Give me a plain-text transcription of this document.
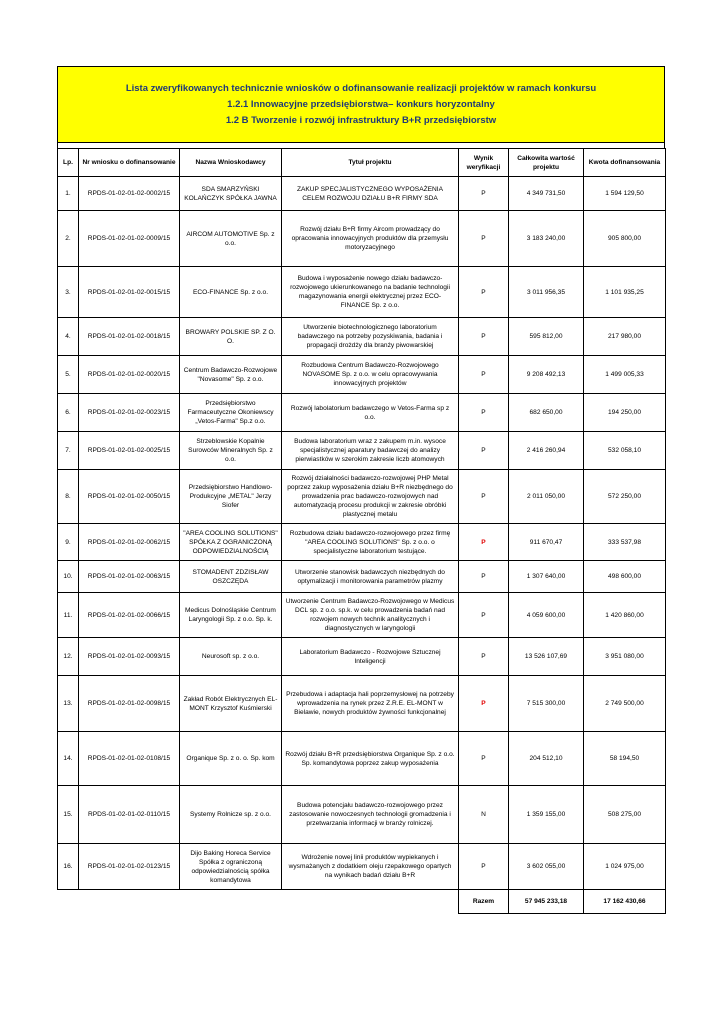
Lista zweryfikowanych technicznie wniosków o dofinansowanie realizacji projektów w ramach konkursu
1.2.1 Innowacyjne przedsiębiorstwa– konkurs horyzontalny
1.2 B Tworzenie i rozwój infrastruktury B+R przedsiębiorstw
Lp.	Nr wniosku o dofinansowanie	Nazwa Wnioskodawcy	Tytuł projektu	Wynik weryfikacji	Całkowita wartość projektu	Kwota dofinansowania
1.	RPDS-01-02-01-02-0002/15	SDA SMARZYŃSKI KOLAŃCZYK SPÓŁKA JAWNA	ZAKUP SPECJALISTYCZNEGO WYPOSAŻENIA CELEM ROZWOJU DZIAŁU B+R FIRMY SDA	P	4 349 731,50	1 594 129,50
2.	RPDS-01-02-01-02-0009/15	AIRCOM AUTOMOTIVE Sp. z o.o.	Rozwój działu B+R firmy Aircom prowadzący do opracowania innowacyjnych produktów dla przemysłu motoryzacyjnego	P	3 183 240,00	905 800,00
3.	RPDS-01-02-01-02-0015/15	ECO-FINANCE Sp. z o.o.	Budowa i wyposażenie nowego działu badawczo-rozwojowego ukierunkowanego na badanie technologii magazynowania energii elektrycznej przez ECO-FINANCE Sp. z o.o.	P	3 011 956,35	1 101 935,25
4.	RPDS-01-02-01-02-0018/15	BROWARY POLSKIE SP. Z O. O.	Utworzenie biotechnologicznego laboratorium badawczego na potrzeby pozyskiwania, badania i propagacji drożdży dla branży piwowarskiej	P	595 812,00	217 980,00
5.	RPDS-01-02-01-02-0020/15	Centrum Badawczo-Rozwojowe "Novasome" Sp. z o.o.	Rozbudowa Centrum Badawczo-Rozwojowego NOVASOME Sp. z o.o. w celu opracowywania innowacyjnych projektów	P	9 208 492,13	1 499 005,33
6.	RPDS-01-02-01-02-0023/15	Przedsiębiorstwo Farmaceutyczne Okoniewscy „Vetos-Farma" Sp.z o.o.	Rozwój labolatorium badawczego w Vetos-Farma sp z o.o.	P	682 650,00	194 250,00
7.	RPDS-01-02-01-02-0025/15	Strzeblowskie Kopalnie Surowców Mineralnych Sp. z o.o.	Budowa laboratorium wraz z zakupem m.in. wysoce specjalistycznej aparatury badawczej do analizy pierwiastków w szerokim zakresie liczb atomowych	P	2 416 260,94	532 058,10
8.	RPDS-01-02-01-02-0050/15	Przedsiębiorstwo Handlowo-Produkcyjne „METAL" Jerzy Siofer	Rozwój działalności badawczo-rozwojowej PHP Metal poprzez zakup wyposażenia działu B+R niezbędnego do prowadzenia prac badawczo-rozwojowych nad automatyzacją procesu produkcji w zakresie obróbki plastycznej metalu	P	2 011 050,00	572 250,00
9.	RPDS-01-02-01-02-0062/15	"AREA COOLING SOLUTIONS" SPÓŁKA Z OGRANICZONĄ ODPOWIEDZIALNOŚCIĄ	Rozbudowa działu badawczo-rozwojowego przez firmę "AREA COOLING SOLUTIONS" Sp. z o.o. o specjalistyczne laboratorium testujące.	P	911 670,47	333 537,98
10.	RPDS-01-02-01-02-0063/15	STOMADENT ZDZISŁAW OSZCZĘDA	Utworzenie stanowisk badawczych niezbędnych do optymalizacji i monitorowania parametrów plazmy	P	1 307 640,00	498 600,00
11.	RPDS-01-02-01-02-0066/15	Medicus Dolnośląskie Centrum Laryngologii Sp. z o.o. Sp. k.	Utworzenie Centrum Badawczo-Rozwojowego w Medicus DCL sp. z o.o. sp.k. w celu prowadzenia badań nad rozwojem nowych technik analitycznych i diagnostycznych w laryngologii	P	4 059 600,00	1 420 860,00
12.	RPDS-01-02-01-02-0093/15	Neurosoft sp. z o.o.	Laboratorium Badawczo - Rozwojowe Sztucznej Inteligencji	P	13 526 107,69	3 951 080,00
13.	RPDS-01-02-01-02-0098/15	Zakład Robót Elektrycznych EL-MONT Krzysztof Kuśmierski	Przebudowa i adaptacja hali poprzemysłowej na potrzeby wprowadzenia na rynek przez Z.R.E. EL-MONT w Bielawie, nowych produktów żywności funkcjonalnej	P	7 515 300,00	2 749 500,00
14.	RPDS-01-02-01-02-0108/15	Organique Sp. z o. o. Sp. kom	Rozwój działu B+R przedsiębiorstwa Organique Sp. z o.o. Sp. komandytowa poprzez zakup wyposażenia	P	204 512,10	58 194,50
15.	RPDS-01-02-01-02-0110/15	Systemy Rolnicze sp. z o.o.	Budowa potencjału badawczo-rozwojowego przez zastosowanie nowoczesnych technologii gromadzenia i przetwarzania informacji w branży rolniczej.	N	1 359 155,00	508 275,00
16.	RPDS-01-02-01-02-0123/15	Dijo Baking Horeca Service Spółka z ograniczoną odpowiedzialnością spółka komandytowa	Wdrożenie nowej linii produktów wypiekanych i wysmażanych z dodatkiem oleju rzepakowego opartych na wynikach badań działu B+R	P	3 602 055,00	1 024 975,00
				Razem	57 945 233,18	17 162 430,66
